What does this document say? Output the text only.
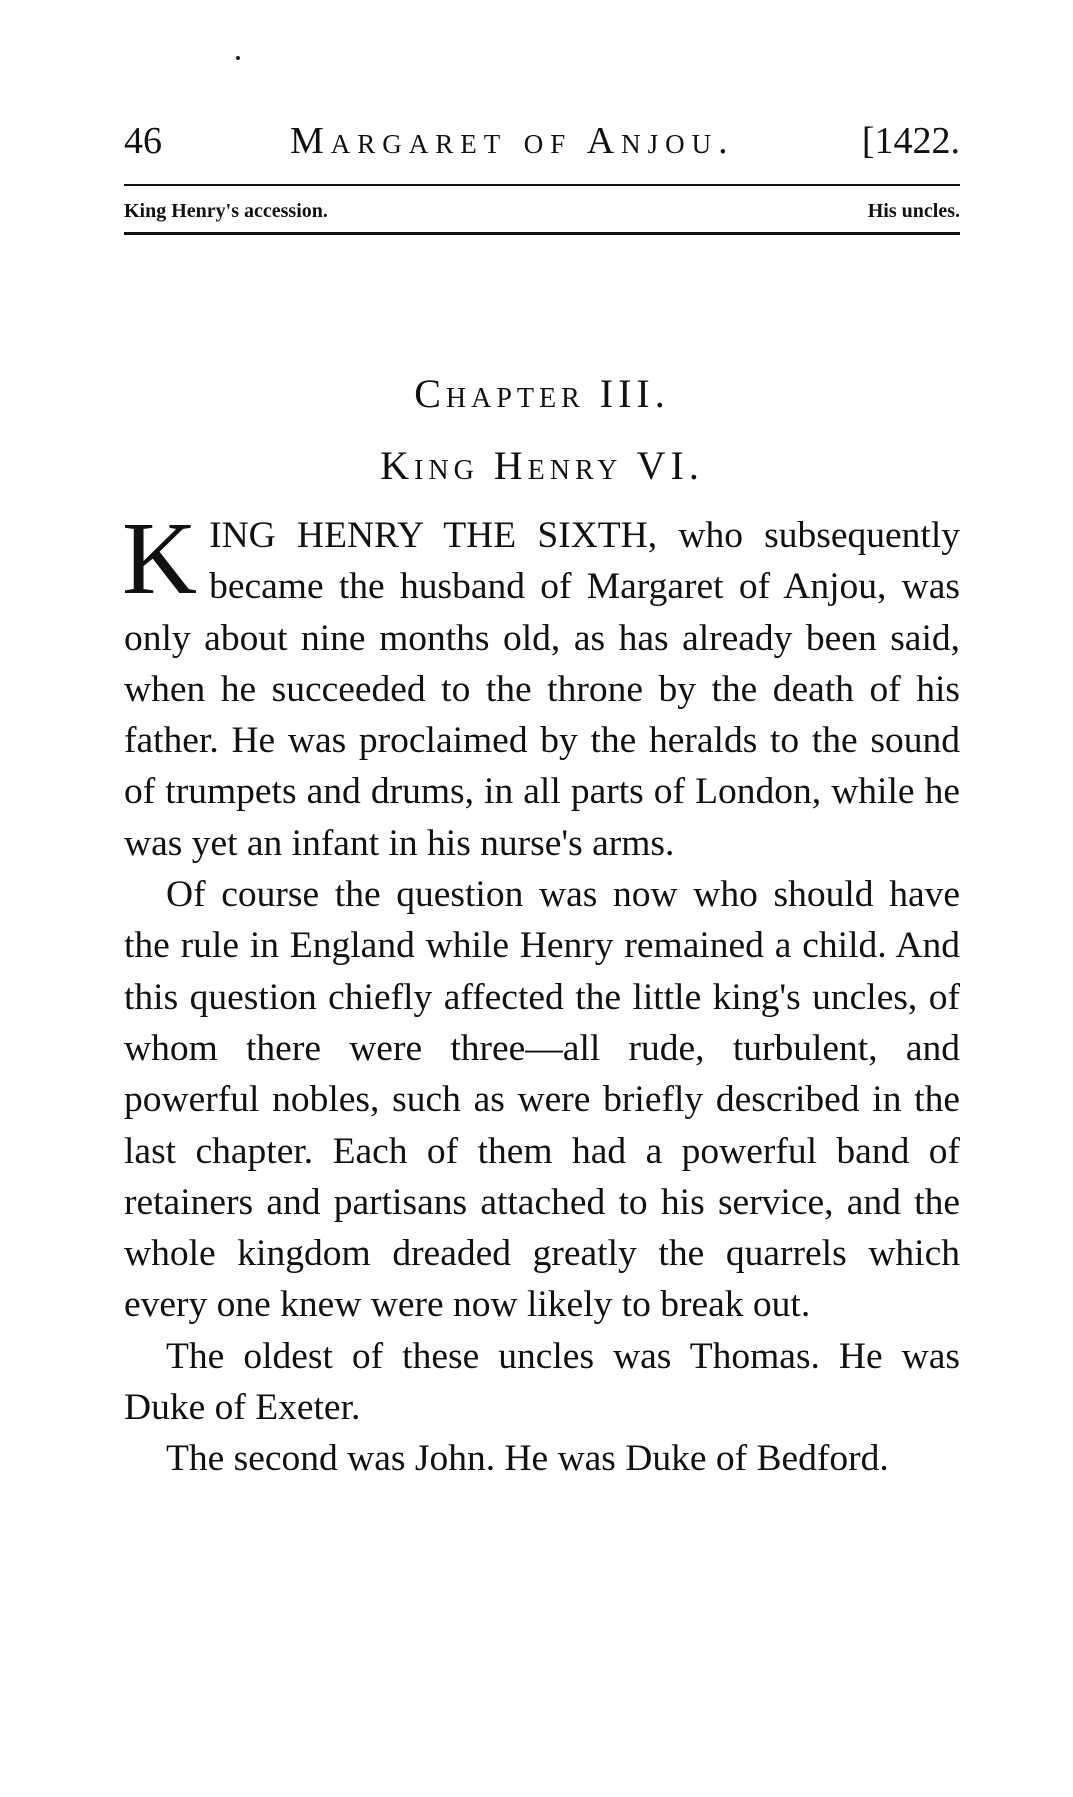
46	Margaret of Anjou.	[1422.
King Henry's accession.	His uncles.
Chapter III.
King Henry VI.

KING HENRY THE SIXTH, who subsequently became the husband of Margaret of Anjou, was only about nine months old, as has already been said, when he succeeded to the throne by the death of his father. He was proclaimed by the heralds to the sound of trumpets and drums, in all parts of London, while he was yet an infant in his nurse's arms.

Of course the question was now who should have the rule in England while Henry remained a child. And this question chiefly affected the little king's uncles, of whom there were three—all rude, turbulent, and powerful nobles, such as were briefly described in the last chapter. Each of them had a powerful band of retainers and partisans attached to his service, and the whole kingdom dreaded greatly the quarrels which every one knew were now likely to break out.

The oldest of these uncles was Thomas. He was Duke of Exeter.

The second was John. He was Duke of Bedford.
